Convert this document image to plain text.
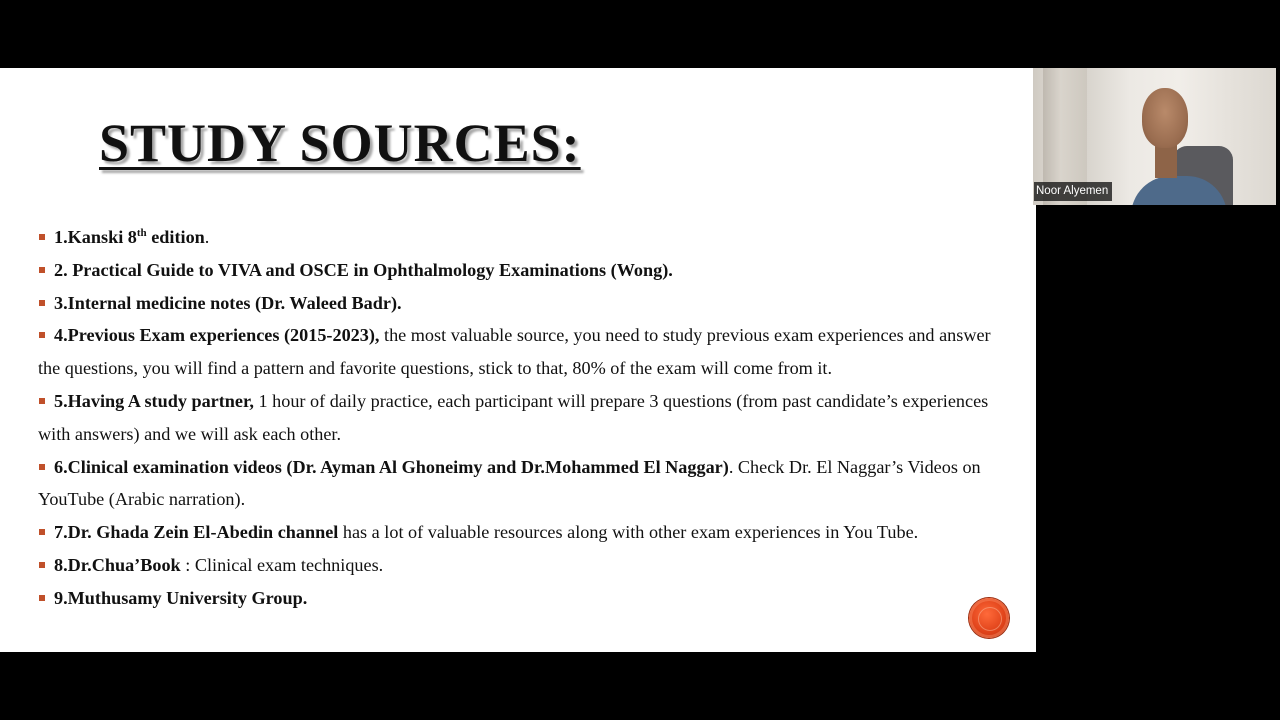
STUDY SOURCES:
1.Kanski 8th edition.
2. Practical Guide to VIVA and OSCE in Ophthalmology Examinations (Wong).
3.Internal medicine notes (Dr. Waleed Badr).
4.Previous Exam experiences (2015-2023), the most valuable source, you need to study previous exam experiences and answer the questions, you will find a pattern and favorite questions, stick to that, 80% of the exam will come from it.
5.Having A study partner, 1 hour of daily practice, each participant will prepare 3 questions (from past candidate’s experiences with answers) and we will ask each other.
6.Clinical examination videos (Dr. Ayman Al Ghoneimy and Dr.Mohammed El Naggar). Check Dr. El Naggar’s Videos on YouTube (Arabic narration).
7.Dr. Ghada Zein El-Abedin channel has a lot of valuable resources along with other exam experiences in You Tube.
8.Dr.Chua’Book : Clinical exam techniques.
9.Muthusamy University Group.
Noor Alyemen
